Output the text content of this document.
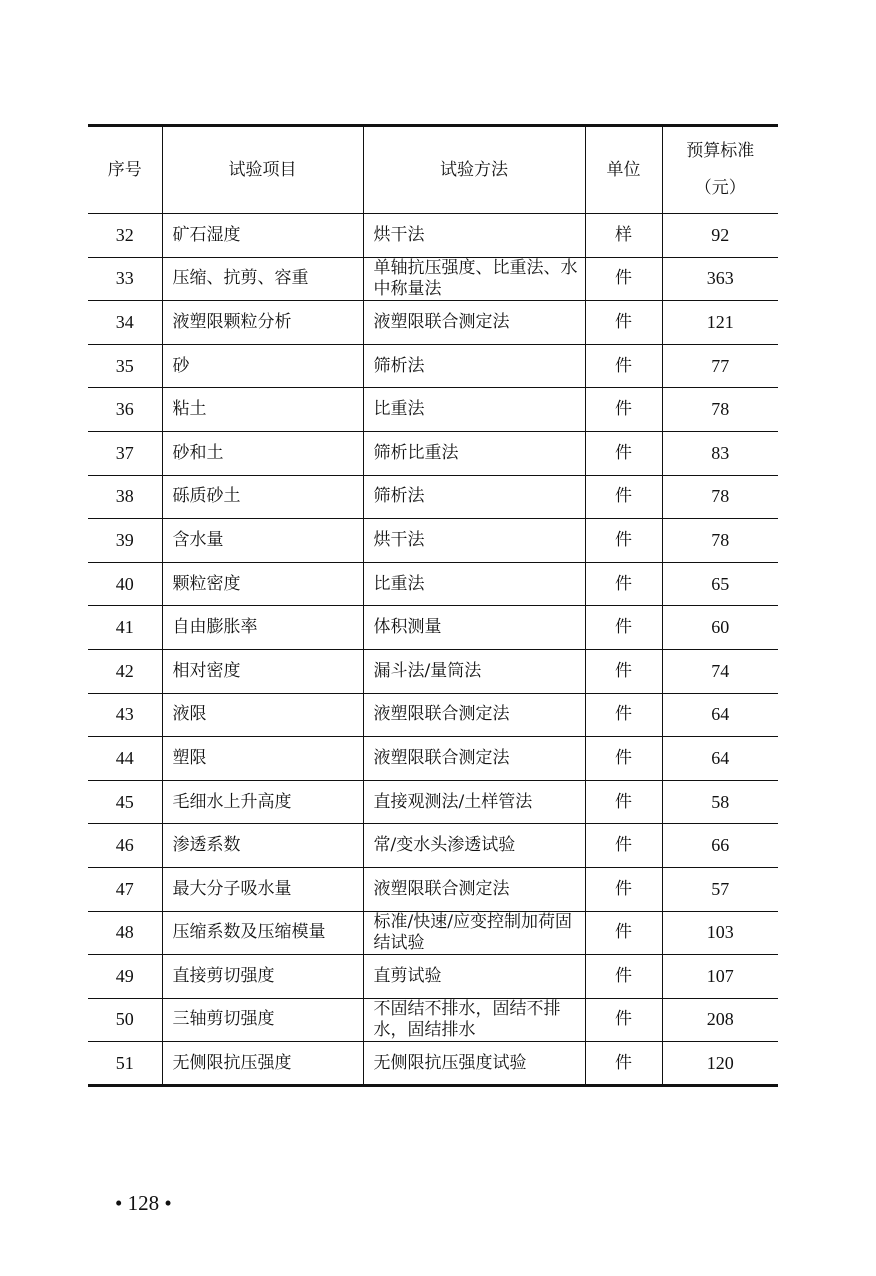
序号	试验项目	试验方法	单位	预算标准
（元）

32	矿石湿度	烘干法	样	92
33	压缩、抗剪、容重	单轴抗压强度、比重法、水中称量法	件	363
34	液塑限颗粒分析	液塑限联合测定法	件	121
35	砂	筛析法	件	77
36	粘土	比重法	件	78
37	砂和土	筛析比重法	件	83
38	砾质砂土	筛析法	件	78
39	含水量	烘干法	件	78
40	颗粒密度	比重法	件	65
41	自由膨胀率	体积测量	件	60
42	相对密度	漏斗法/量筒法	件	74
43	液限	液塑限联合测定法	件	64
44	塑限	液塑限联合测定法	件	64
45	毛细水上升高度	直接观测法/土样管法	件	58
46	渗透系数	常/变水头渗透试验	件	66
47	最大分子吸水量	液塑限联合测定法	件	57
48	压缩系数及压缩模量	标准/快速/应变控制加荷固结试验	件	103
49	直接剪切强度	直剪试验	件	107
50	三轴剪切强度	不固结不排水，固结不排水，固结排水	件	208
51	无侧限抗压强度	无侧限抗压强度试验	件	120
• 128 •
